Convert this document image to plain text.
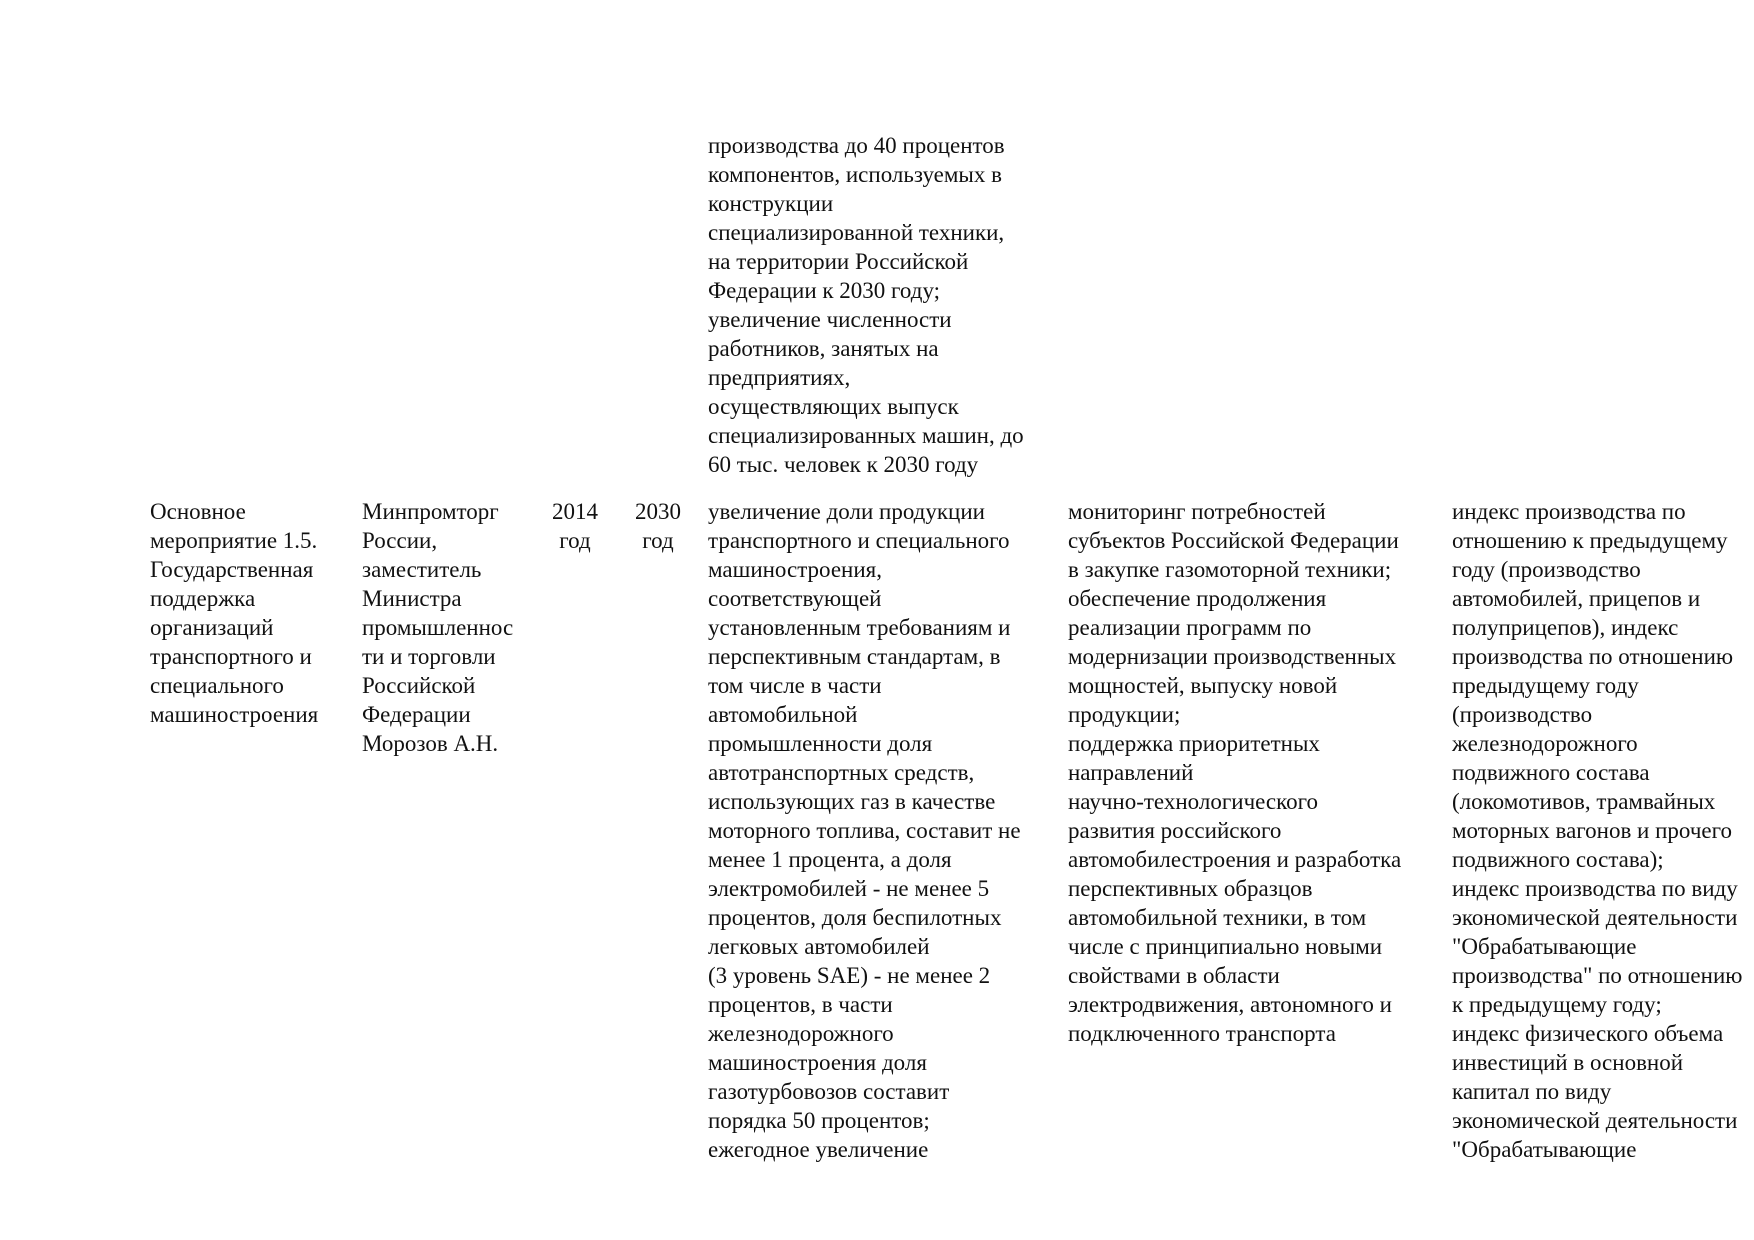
производства до 40 процентов
компонентов, используемых в
конструкции
специализированной техники,
на территории Российской
Федерации к 2030 году;
увеличение численности
работников, занятых на
предприятиях,
осуществляющих выпуск
специализированных машин, до
60 тыс. человек к 2030 году
Основное
мероприятие 1.5.
Государственная
поддержка
организаций
транспортного и
специального
машиностроения
Минпромторг
России,
заместитель
Министра
промышленнос
ти и торговли
Российской
Федерации
Морозов А.Н.
2014
год
2030
год
увеличение доли продукции
транспортного и специального
машиностроения,
соответствующей
установленным требованиям и
перспективным стандартам, в
том числе в части
автомобильной
промышленности доля
автотранспортных средств,
использующих газ в качестве
моторного топлива, составит не
менее 1 процента, а доля
электромобилей - не менее 5
процентов, доля беспилотных
легковых автомобилей
(3 уровень SAE) - не менее 2
процентов, в части
железнодорожного
машиностроения доля
газотурбовозов составит
порядка 50 процентов;
ежегодное увеличение
мониторинг потребностей
субъектов Российской Федерации
в закупке газомоторной техники;
обеспечение продолжения
реализации программ по
модернизации производственных
мощностей, выпуску новой
продукции;
поддержка приоритетных
направлений
научно-технологического
развития российского
автомобилестроения и разработка
перспективных образцов
автомобильной техники, в том
числе с принципиально новыми
свойствами в области
электродвижения, автономного и
подключенного транспорта
индекс производства по
отношению к предыдущему
году (производство
автомобилей, прицепов и
полуприцепов), индекс
производства по отношению
предыдущему году
(производство
железнодорожного
подвижного состава
(локомотивов, трамвайных
моторных вагонов и прочего
подвижного состава);
индекс производства по виду
экономической деятельности
"Обрабатывающие
производства" по отношению
к предыдущему году;
индекс физического объема
инвестиций в основной
капитал по виду
экономической деятельности
"Обрабатывающие
